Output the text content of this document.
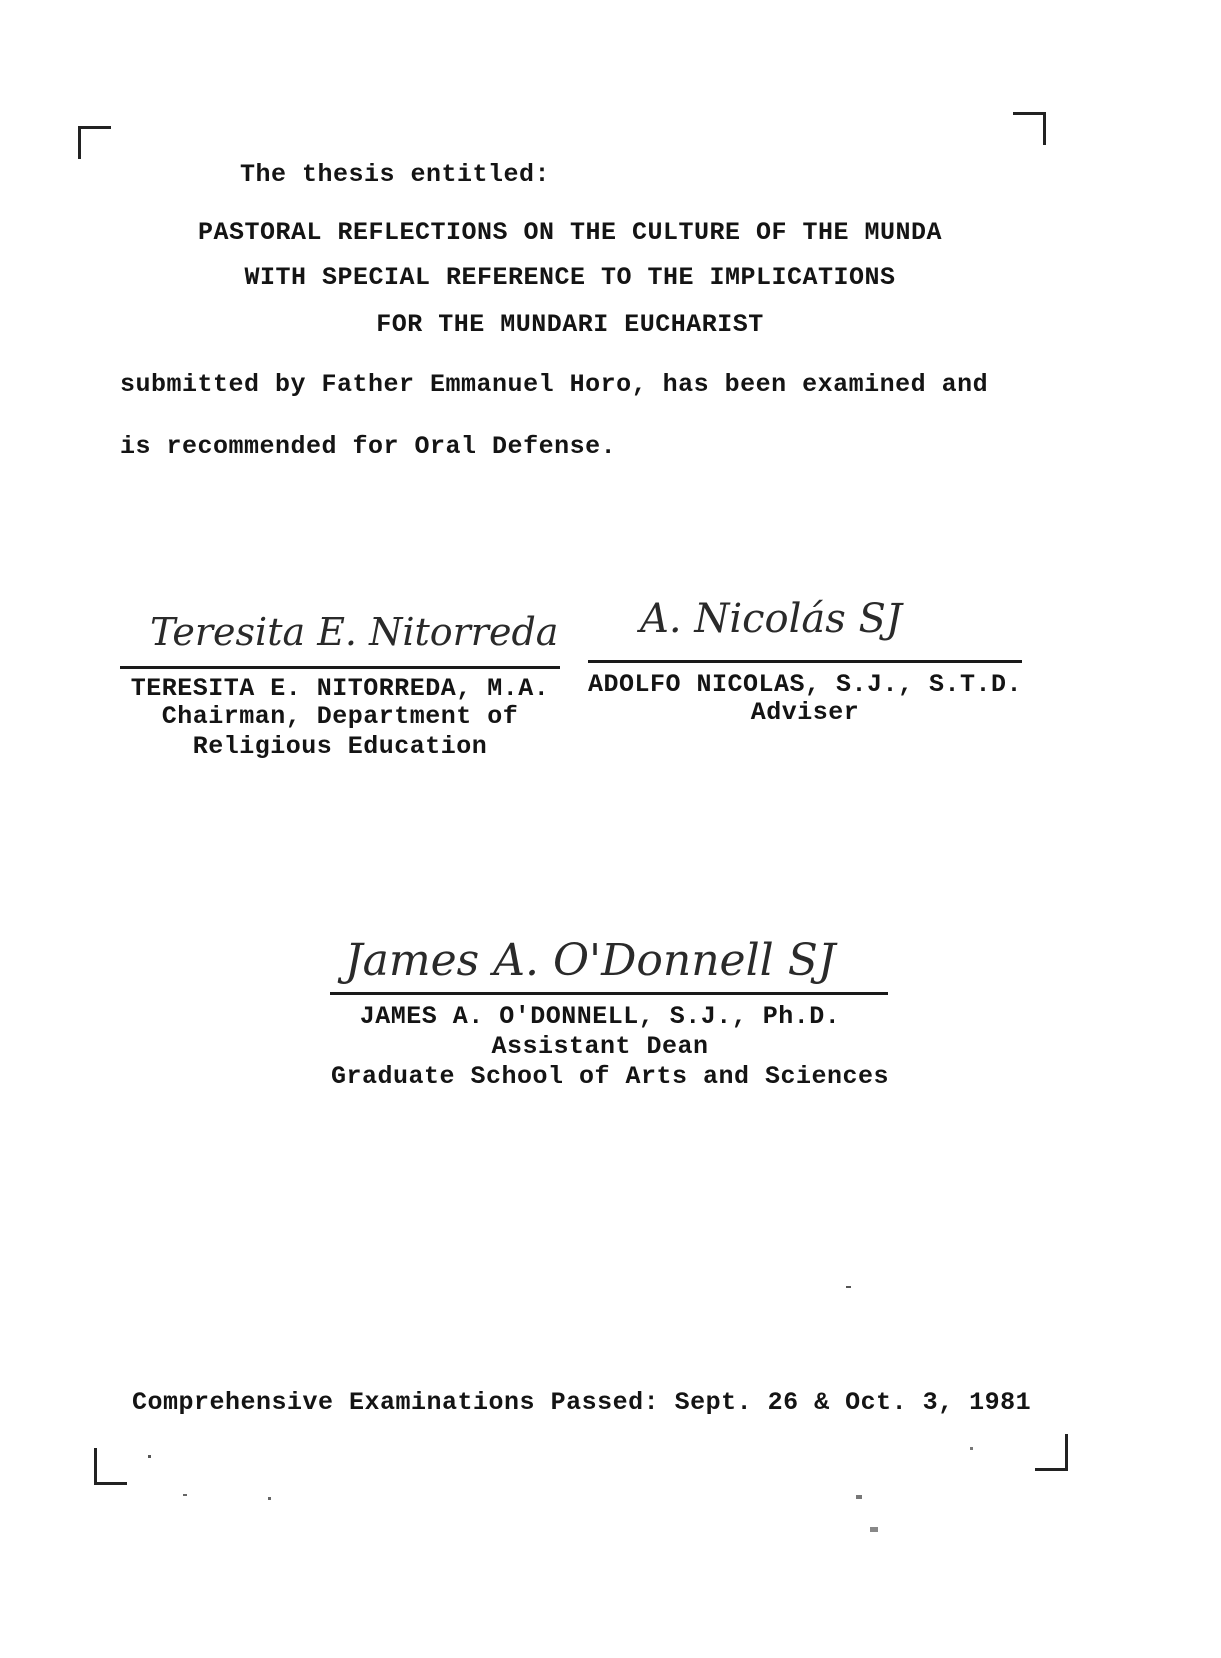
The thesis entitled:
PASTORAL REFLECTIONS ON THE CULTURE OF THE MUNDA
WITH SPECIAL REFERENCE TO THE IMPLICATIONS
FOR THE MUNDARI EUCHARIST
submitted by Father Emmanuel Horo, has been examined and
is recommended for Oral Defense.
Teresita E. Nitorreda
TERESITA E. NITORREDA, M.A.
Chairman, Department of
Religious Education
A. Nicolás SJ
ADOLFO NICOLAS, S.J., S.T.D.
Adviser
James A. O'Donnell SJ
JAMES A. O'DONNELL, S.J., Ph.D.
Assistant Dean
Graduate School of Arts and Sciences
Comprehensive Examinations Passed: Sept. 26 & Oct. 3, 1981
